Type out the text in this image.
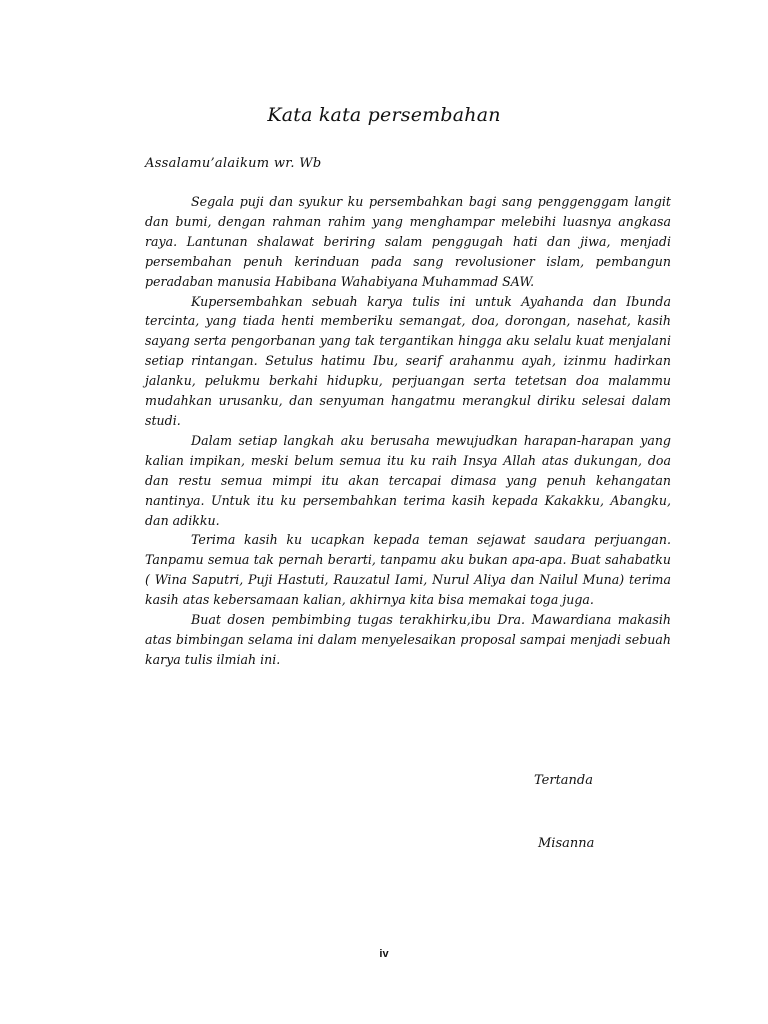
Kata kata persembahan
Assalamu’alaikum wr. Wb

Segala puji dan syukur ku persembahkan bagi sang penggenggam langit dan bumi, dengan rahman rahim yang menghampar melebihi luasnya angkasa raya. Lantunan shalawat beriring salam penggugah hati dan jiwa, menjadi persembahan penuh kerinduan pada sang revolusioner islam, pembangun peradaban manusia Habibana Wahabiyana Muhammad SAW.

Kupersembahkan sebuah karya tulis ini untuk Ayahanda dan Ibunda tercinta, yang tiada henti memberiku semangat, doa, dorongan, nasehat, kasih sayang serta pengorbanan yang tak tergantikan hingga aku selalu kuat menjalani setiap rintangan. Setulus hatimu Ibu, searif arahanmu ayah, izinmu hadirkan jalanku, pelukmu berkahi hidupku, perjuangan serta tetetsan doa malammu mudahkan urusanku, dan senyuman hangatmu merangkul diriku selesai dalam studi.

Dalam setiap langkah aku berusaha mewujudkan harapan-harapan yang kalian impikan, meski belum semua itu ku raih Insya Allah atas dukungan, doa dan restu semua mimpi itu akan tercapai dimasa yang penuh kehangatan nantinya. Untuk itu ku persembahkan terima kasih kepada Kakakku, Abangku, dan adikku.

Terima kasih ku ucapkan kepada teman sejawat saudara perjuangan. Tanpamu semua tak pernah berarti, tanpamu aku bukan apa-apa. Buat sahabatku ( Wina Saputri, Puji Hastuti, Rauzatul Iami, Nurul Aliya dan Nailul Muna) terima kasih atas kebersamaan kalian, akhirnya kita bisa memakai toga juga.

Buat dosen pembimbing tugas terakhirku,ibu Dra. Mawardiana makasih atas bimbingan selama ini dalam menyelesaikan proposal sampai menjadi sebuah karya tulis ilmiah ini.

Tertanda
Misanna
iv
